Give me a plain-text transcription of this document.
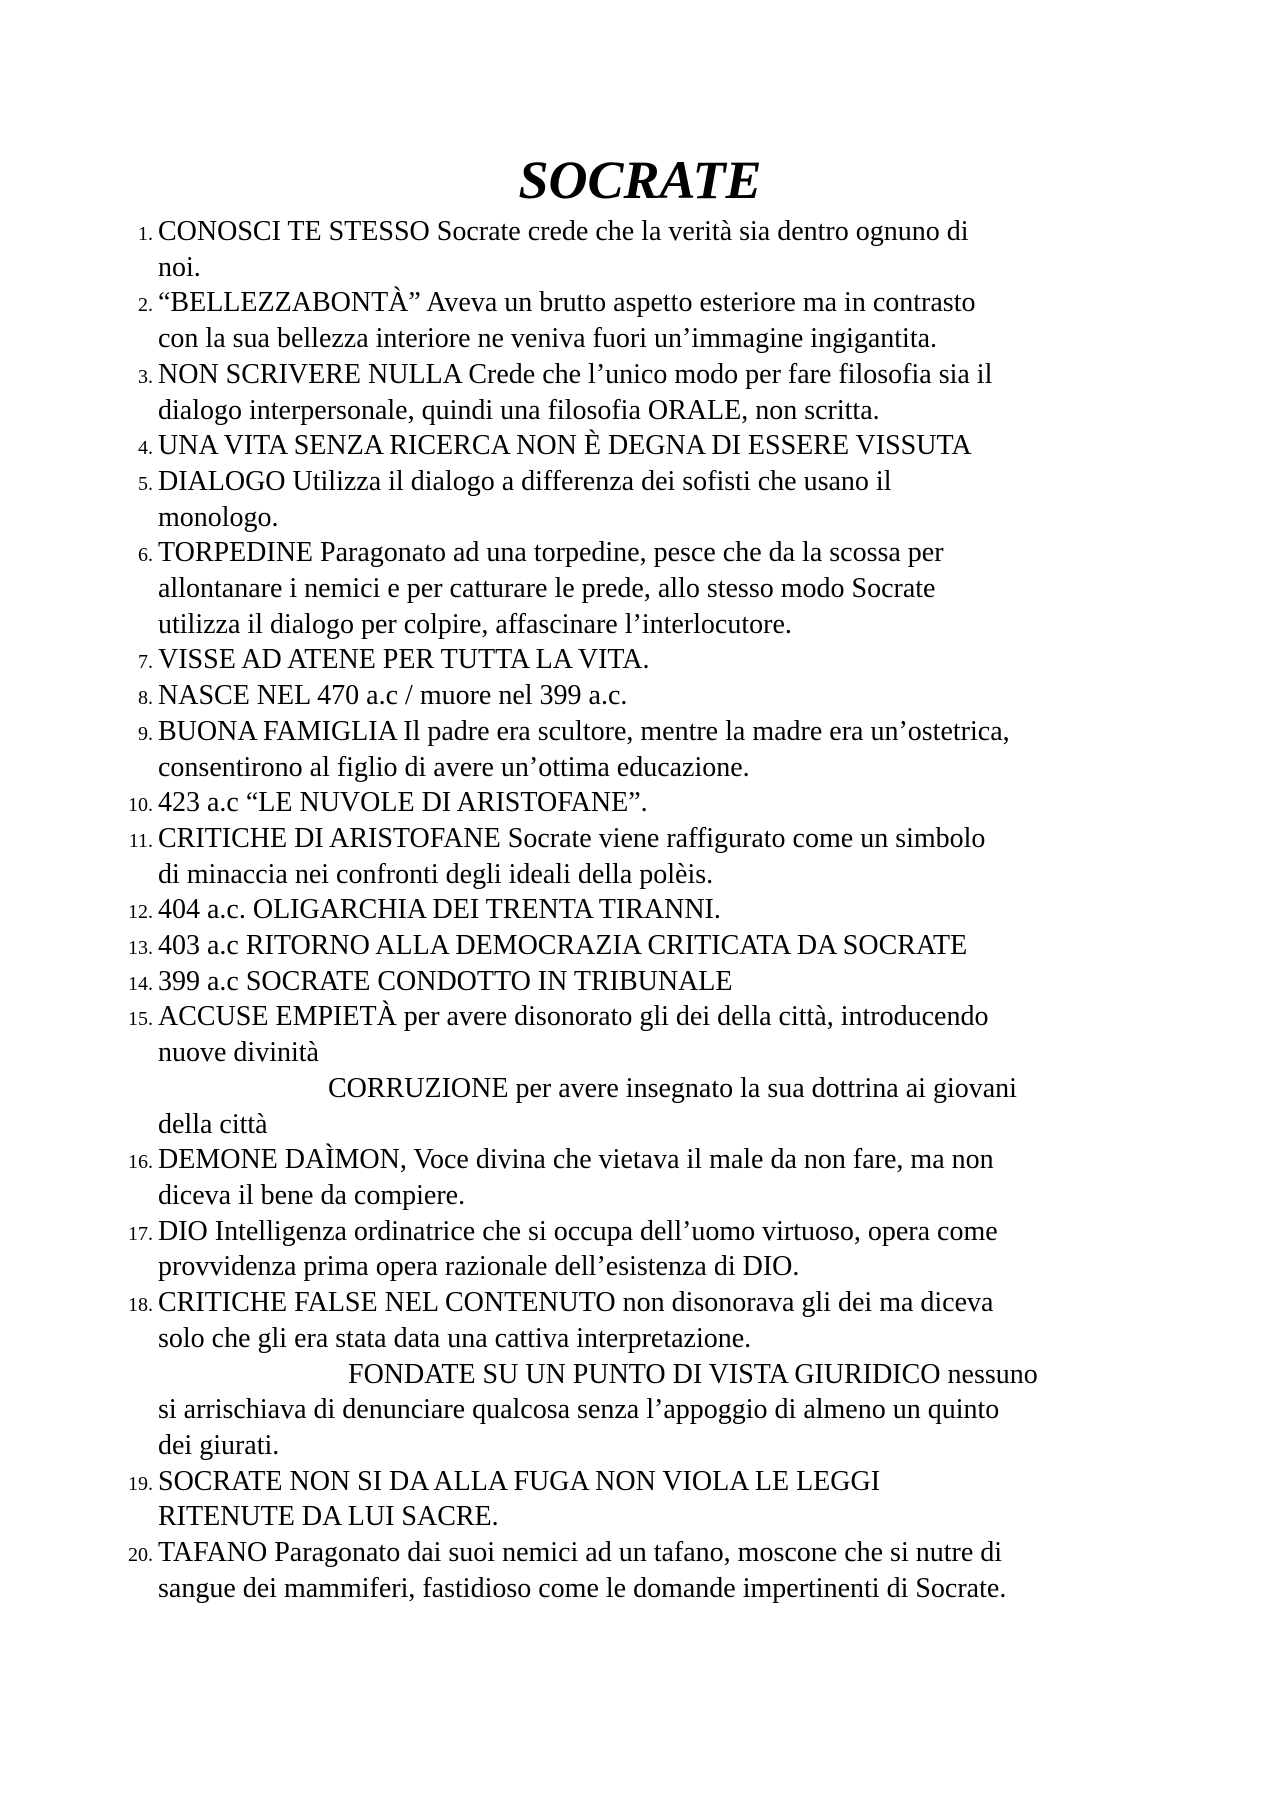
SOCRATE
1. CONOSCI TE STESSO Socrate crede che la verità sia dentro ognuno di
noi.
2. “BELLEZZABONTÀ” Aveva un brutto aspetto esteriore ma in contrasto
con la sua bellezza interiore ne veniva fuori un’immagine ingigantita.
3. NON SCRIVERE NULLA Crede che l’unico modo per fare filosofia sia il
dialogo interpersonale, quindi una filosofia ORALE, non scritta.
4. UNA VITA SENZA RICERCA NON È DEGNA DI ESSERE VISSUTA
5. DIALOGO Utilizza il dialogo a differenza dei sofisti che usano il
monologo.
6. TORPEDINE Paragonato ad una torpedine, pesce che da la scossa per
allontanare i nemici e per catturare le prede, allo stesso modo Socrate
utilizza il dialogo per colpire, affascinare l’interlocutore.
7. VISSE AD ATENE PER TUTTA LA VITA.
8. NASCE NEL 470 a.c / muore nel 399 a.c.
9. BUONA FAMIGLIA Il padre era scultore, mentre la madre era un’ostetrica,
consentirono al figlio di avere un’ottima educazione.
10. 423 a.c “LE NUVOLE DI ARISTOFANE”.
11. CRITICHE DI ARISTOFANE Socrate viene raffigurato come un simbolo
di minaccia nei confronti degli ideali della polèis.
12. 404 a.c. OLIGARCHIA DEI TRENTA TIRANNI.
13. 403 a.c RITORNO ALLA DEMOCRAZIA CRITICATA DA SOCRATE
14. 399 a.c SOCRATE CONDOTTO IN TRIBUNALE
15. ACCUSE EMPIETÀ per avere disonorato gli dei della città, introducendo
nuove divinità
CORRUZIONE per avere insegnato la sua dottrina ai giovani
della città
16. DEMONE DAÌMON, Voce divina che vietava il male da non fare, ma non
diceva il bene da compiere.
17. DIO Intelligenza ordinatrice che si occupa dell’uomo virtuoso, opera come
provvidenza prima opera razionale dell’esistenza di DIO.
18. CRITICHE FALSE NEL CONTENUTO non disonorava gli dei ma diceva
solo che gli era stata data una cattiva interpretazione.
FONDATE SU UN PUNTO DI VISTA GIURIDICO nessuno
si arrischiava di denunciare qualcosa senza l’appoggio di almeno un quinto
dei giurati.
19. SOCRATE NON SI DA ALLA FUGA NON VIOLA LE LEGGI
RITENUTE DA LUI SACRE.
20. TAFANO Paragonato dai suoi nemici ad un tafano, moscone che si nutre di
sangue dei mammiferi, fastidioso come le domande impertinenti di Socrate.
